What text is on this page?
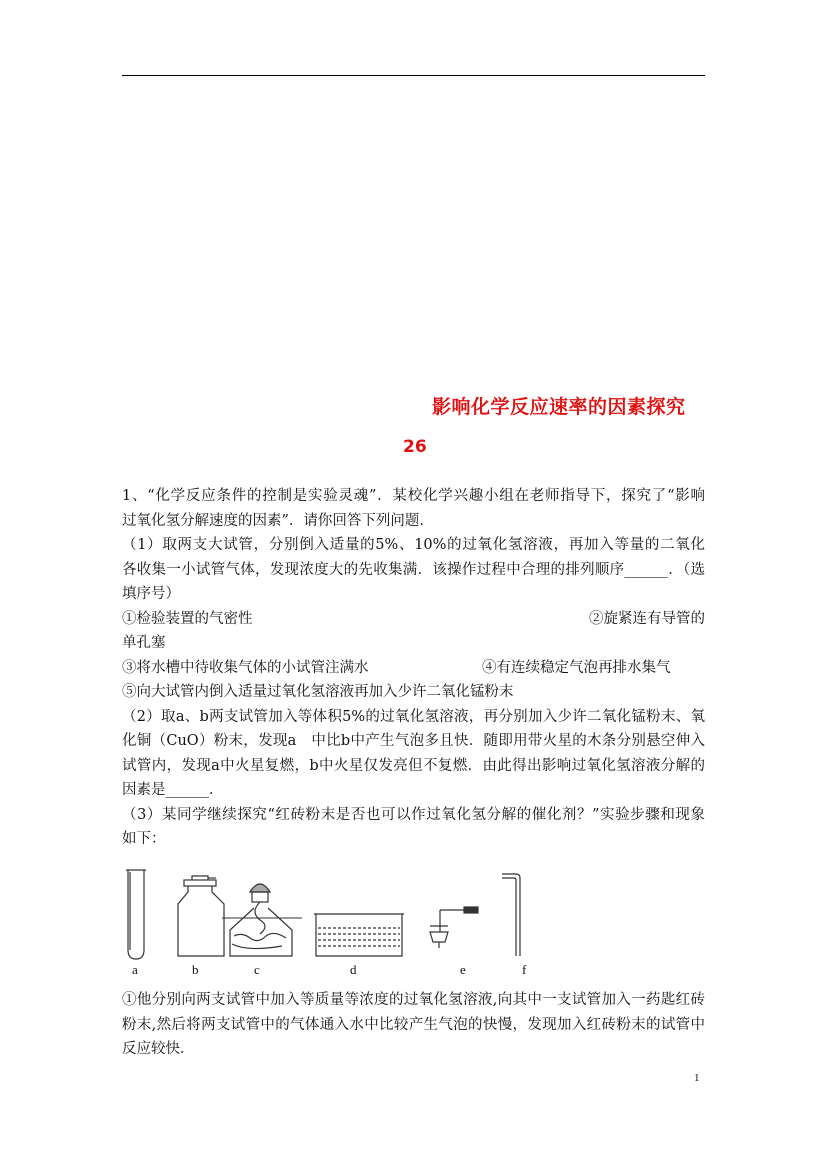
影响化学反应速率的因素探究
26
1、“化学反应条件的控制是实验灵魂”．某校化学兴趣小组在老师指导下，探究了“影响
过氧化氢分解速度的因素”．请你回答下列问题．
（1）取两支大试管，分别倒入适量的5%、10%的过氧化氢溶液，再加入等量的二氧化
各收集一小试管气体，发现浓度大的先收集满．该操作过程中合理的排列顺序______．（选
填序号）
①检验装置的气密性	②旋紧连有导管的
单孔塞
③将水槽中待收集气体的小试管注满水	④有连续稳定气泡再排水集气
⑤向大试管内倒入适量过氧化氢溶液再加入少许二氧化锰粉末
（2）取a、b两支试管加入等体积5%的过氧化氢溶液，再分别加入少许二氧化锰粉末、氧
化铜（CuO）粉末，发现a　中比b中产生气泡多且快．随即用带火星的木条分别悬空伸入
试管内，发现a中火星复燃，b中火星仅发亮但不复燃．由此得出影响过氧化氢溶液分解的
因素是______．
（3）某同学继续探究“红砖粉末是否也可以作过氧化氢分解的催化剂？”实验步骤和现象
如下：
a	b	c	d	e	f
①他分别向两支试管中加入等质量等浓度的过氧化氢溶液,向其中一支试管加入一药匙红砖
粉末,然后将两支试管中的气体通入水中比较产生气泡的快慢，发现加入红砖粉末的试管中
反应较快．
1
